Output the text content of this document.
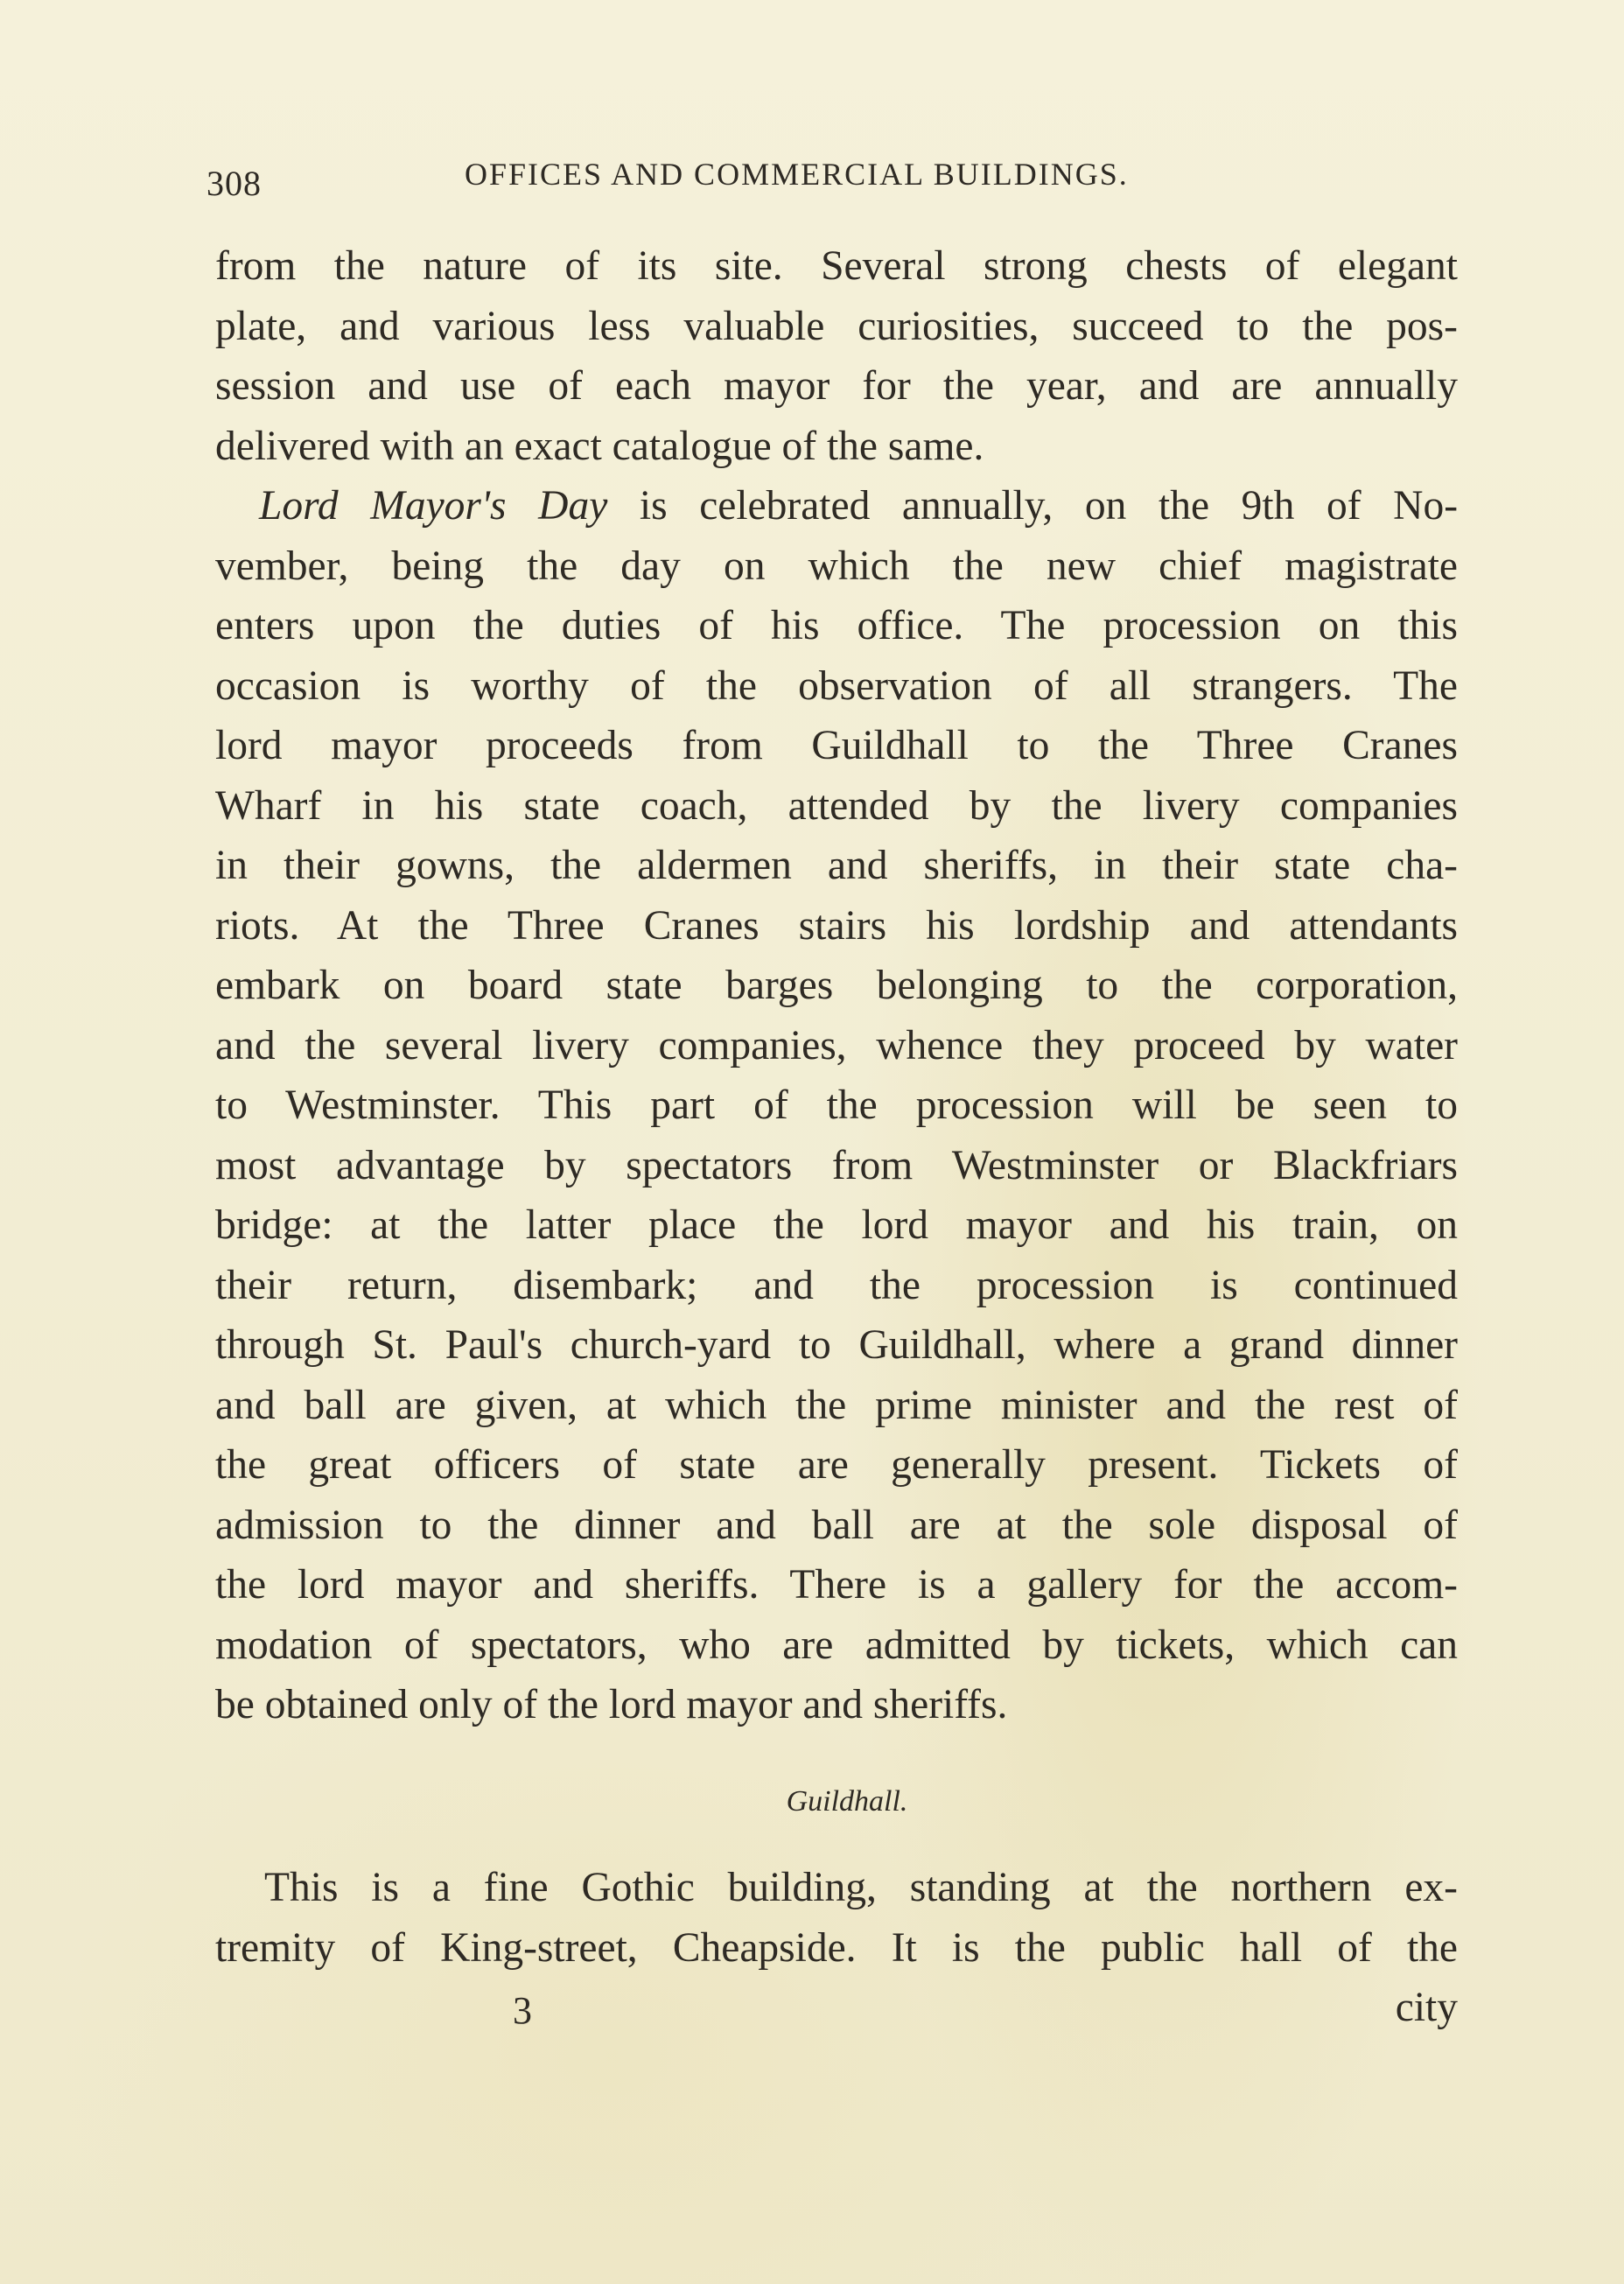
308	OFFICES AND COMMERCIAL BUILDINGS.
from the nature of its site. Several strong chests of elegant
plate, and various less valuable curiosities, succeed to the pos-
session and use of each mayor for the year, and are annually
delivered with an exact catalogue of the same.
Lord Mayor's Day is celebrated annually, on the 9th of No-
vember, being the day on which the new chief magistrate
enters upon the duties of his office. The procession on this
occasion is worthy of the observation of all strangers. The
lord mayor proceeds from Guildhall to the Three Cranes
Wharf in his state coach, attended by the livery companies
in their gowns, the aldermen and sheriffs, in their state cha-
riots. At the Three Cranes stairs his lordship and attendants
embark on board state barges belonging to the corporation,
and the several livery companies, whence they proceed by water
to Westminster. This part of the procession will be seen to
most advantage by spectators from Westminster or Blackfriars
bridge: at the latter place the lord mayor and his train, on
their return, disembark; and the procession is continued
through St. Paul's church-yard to Guildhall, where a grand dinner
and ball are given, at which the prime minister and the rest of
the great officers of state are generally present. Tickets of
admission to the dinner and ball are at the sole disposal of
the lord mayor and sheriffs. There is a gallery for the accom-
modation of spectators, who are admitted by tickets, which can
be obtained only of the lord mayor and sheriffs.
Guildhall.
This is a fine Gothic building, standing at the northern ex-
tremity of King-street, Cheapside. It is the public hall of the
3	city
